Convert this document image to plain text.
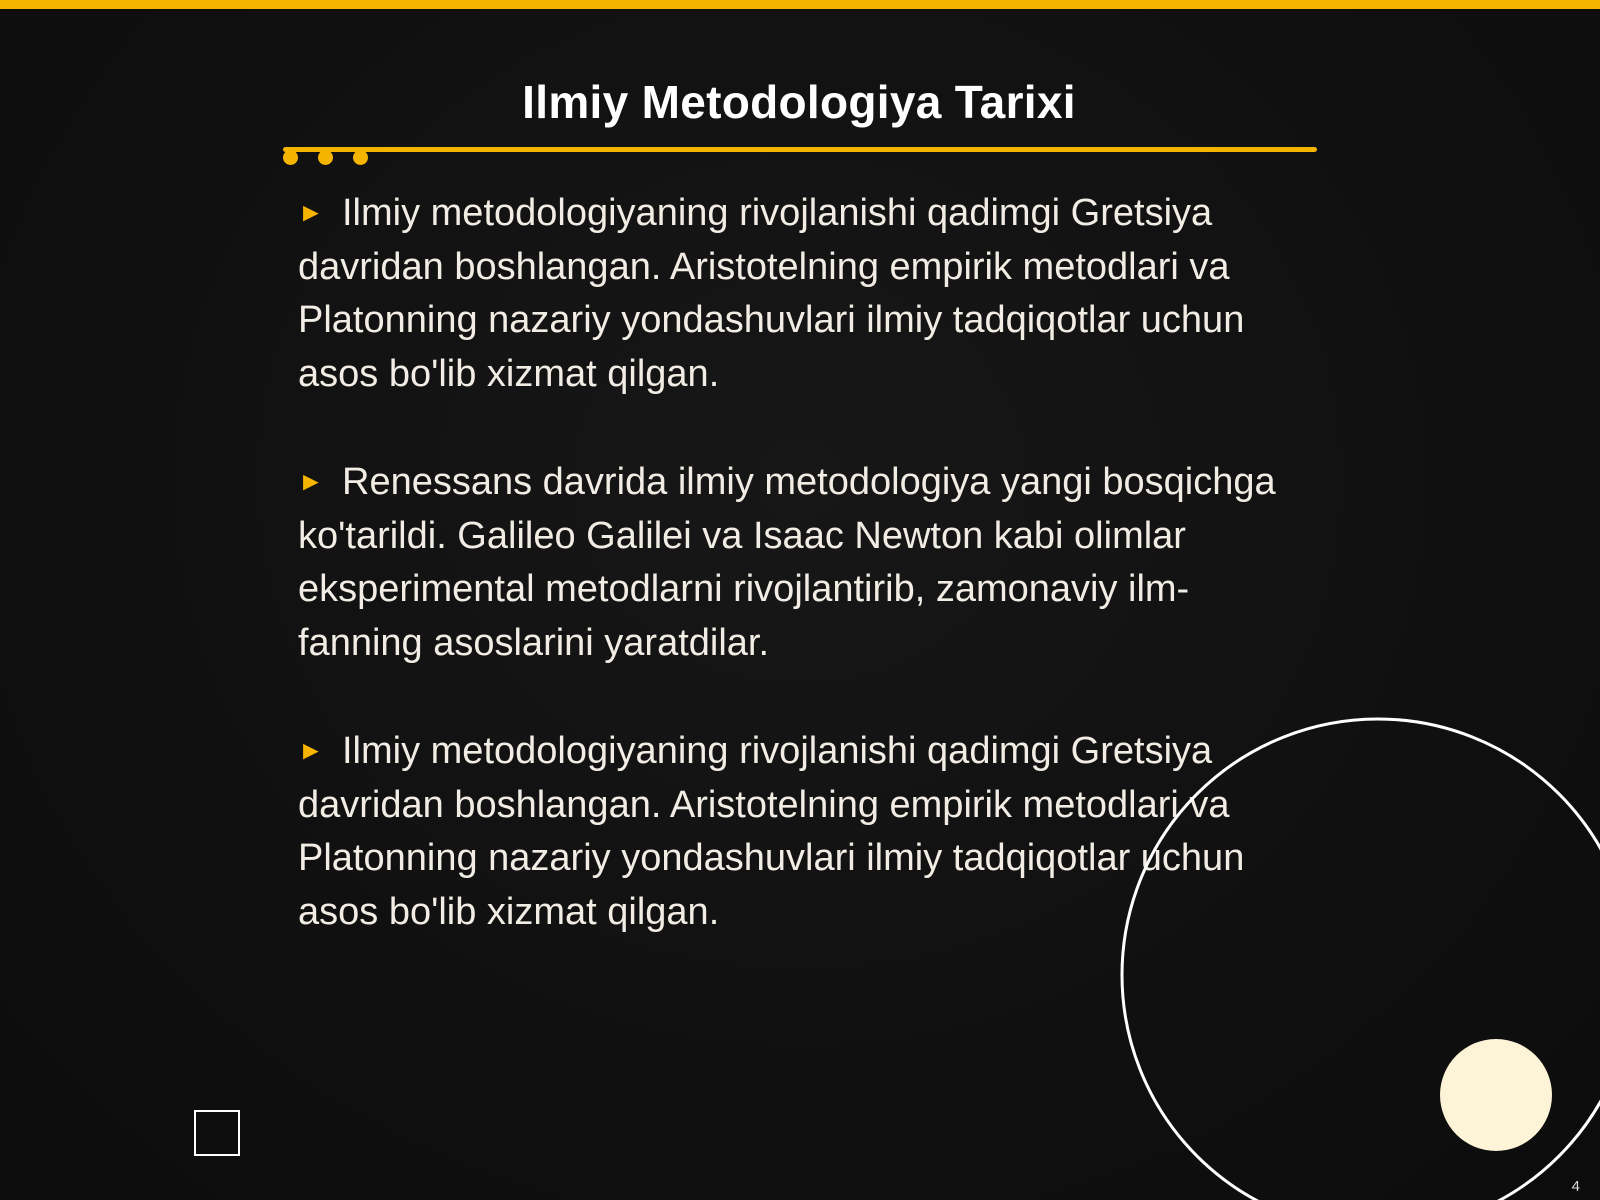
Ilmiy Metodologiya Tarixi
► Ilmiy metodologiyaning rivojlanishi qadimgi Gretsiya davridan boshlangan. Aristotelning empirik metodlari va Platonning nazariy yondashuvlari ilmiy tadqiqotlar uchun asos bo'lib xizmat qilgan.
► Renessans davrida ilmiy metodologiya yangi bosqichga ko'tarildi. Galileo Galilei va Isaac Newton kabi olimlar eksperimental metodlarni rivojlantirib, zamonaviy ilm-fanning asoslarini yaratdilar.
► Ilmiy metodologiyaning rivojlanishi qadimgi Gretsiya davridan boshlangan. Aristotelning empirik metodlari va Platonning nazariy yondashuvlari ilmiy tadqiqotlar uchun asos bo'lib xizmat qilgan.
4
